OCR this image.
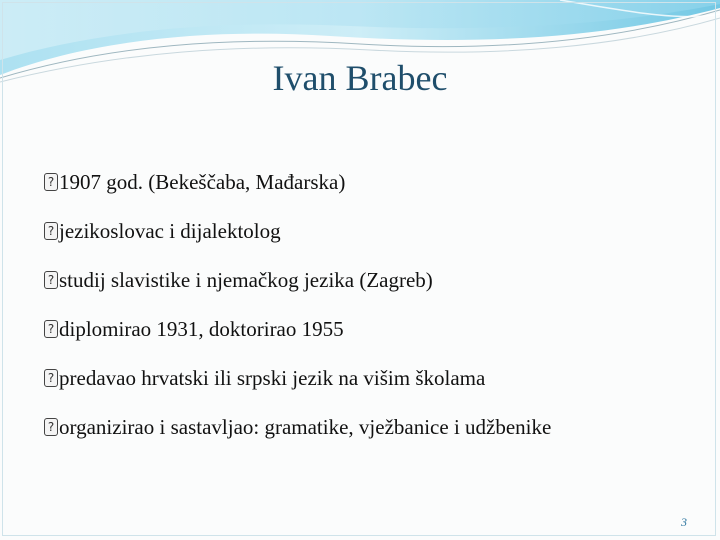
Ivan Brabec
? 1907 god. (Bekeščaba, Mađarska)
? jezikoslovac i dijalektolog
? studij slavistike i njemačkog jezika (Zagreb)
? diplomirao 1931, doktorirao 1955
? predavao hrvatski ili srpski jezik na višim školama
? organizirao i sastavljao: gramatike, vježbanice i udžbenike
3
